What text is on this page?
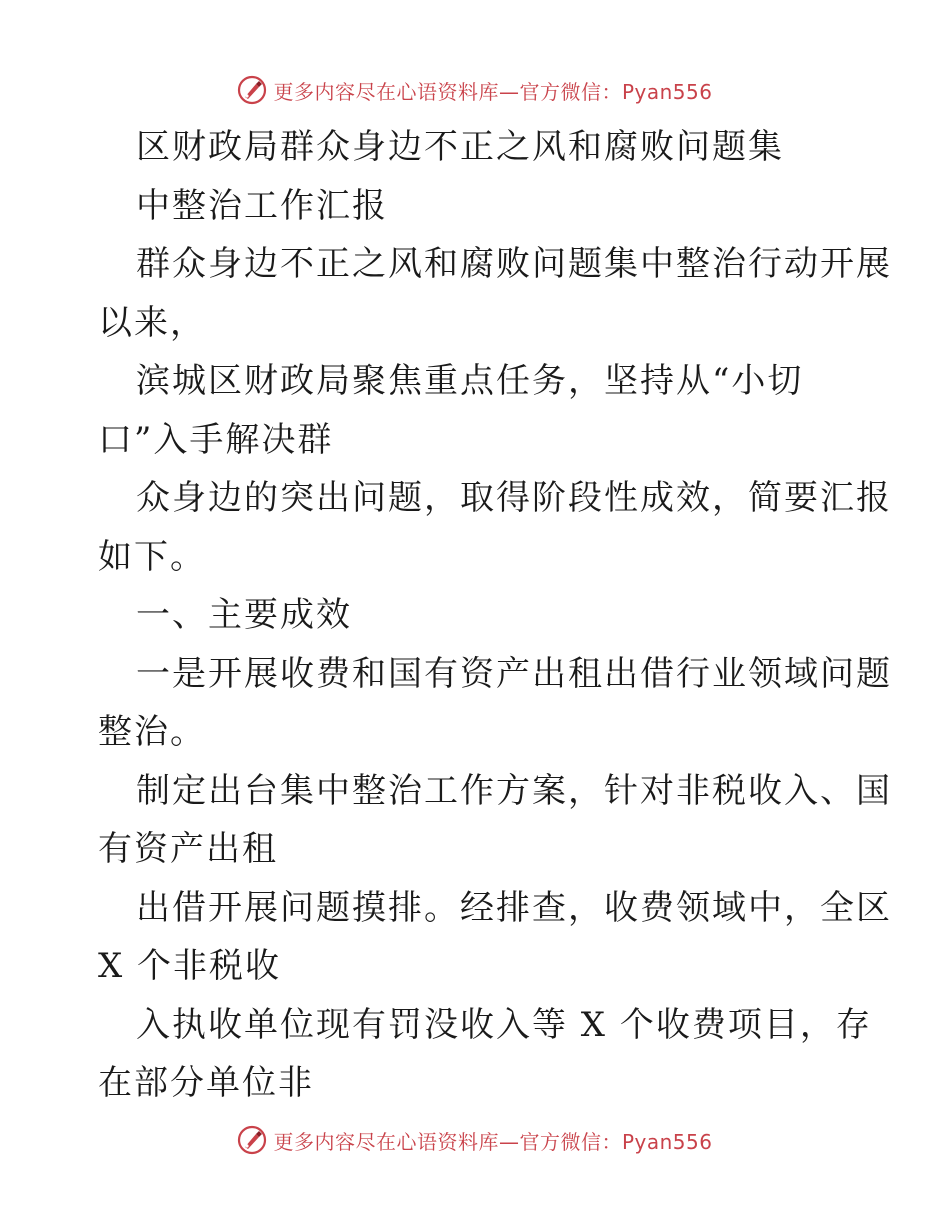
更多内容尽在心语资料库—官方微信：Pyan556
区财政局群众身边不正之风和腐败问题集
中整治工作汇报
群众身边不正之风和腐败问题集中整治行动开展
以来，
滨城区财政局聚焦重点任务，坚持从“小切
口”入手解决群
众身边的突出问题，取得阶段性成效，简要汇报
如下。
一、主要成效
一是开展收费和国有资产出租出借行业领域问题
整治。
制定出台集中整治工作方案，针对非税收入、国
有资产出租
出借开展问题摸排。经排查，收费领域中，全区
X 个非税收
入执收单位现有罚没收入等 X 个收费项目，存
在部分单位非
更多内容尽在心语资料库—官方微信：Pyan556
